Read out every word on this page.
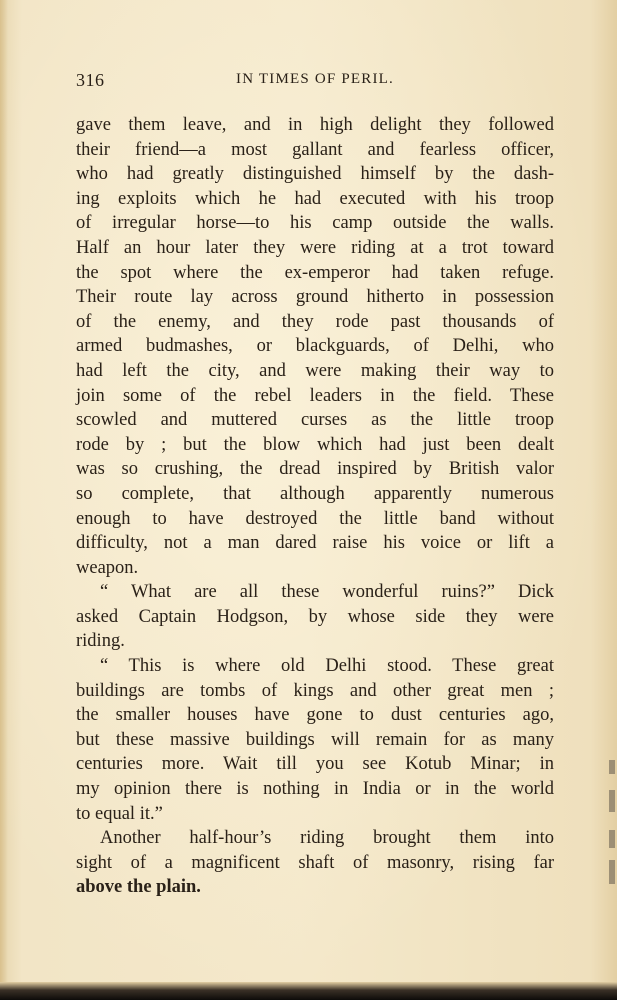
316	IN TIMES OF PERIL.
gave them leave, and in high delight they followed
their friend—a most gallant and fearless officer,
who had greatly distinguished himself by the dash-
ing exploits which he had executed with his troop
of irregular horse—to his camp outside the walls.
Half an hour later they were riding at a trot toward
the spot where the ex-emperor had taken refuge.
Their route lay across ground hitherto in possession
of the enemy, and they rode past thousands of
armed budmashes, or blackguards, of Delhi, who
had left the city, and were making their way to
join some of the rebel leaders in the field. These
scowled and muttered curses as the little troop
rode by ; but the blow which had just been dealt
was so crushing, the dread inspired by British valor
so complete, that although apparently numerous
enough to have destroyed the little band without
difficulty, not a man dared raise his voice or lift a
weapon.
“ What are all these wonderful ruins?” Dick
asked Captain Hodgson, by whose side they were
riding.
“ This is where old Delhi stood. These great
buildings are tombs of kings and other great men ;
the smaller houses have gone to dust centuries ago,
but these massive buildings will remain for as many
centuries more. Wait till you see Kotub Minar; in
my opinion there is nothing in India or in the world
to equal it.”
Another half-hour’s riding brought them into
sight of a magnificent shaft of masonry, rising far
above the plain.
